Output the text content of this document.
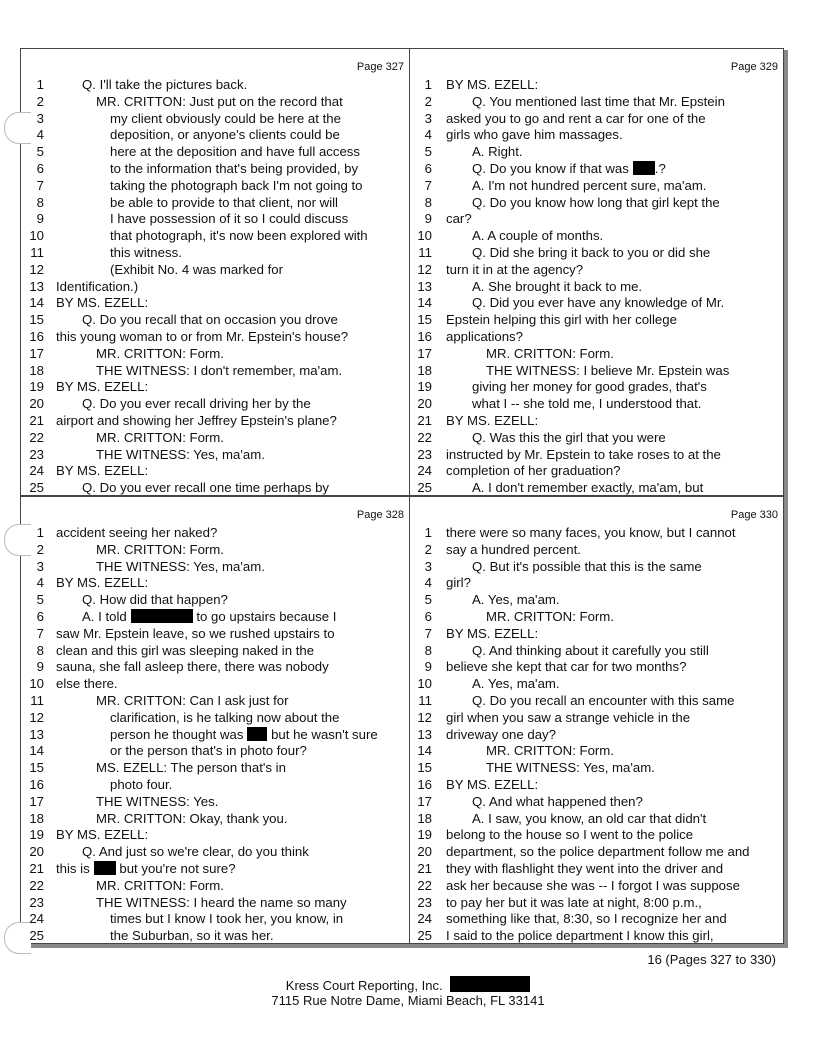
Page 327
1	Q. I'll take the pictures back.
2	MR. CRITTON: Just put on the record that
3	my client obviously could be here at the
4	deposition, or anyone's clients could be
5	here at the deposition and have full access
6	to the information that's being provided, by
7	taking the photograph back I'm not going to
8	be able to provide to that client, nor will
9	I have possession of it so I could discuss
10	that photograph, it's now been explored with
11	this witness.
12	(Exhibit No. 4 was marked for
13 Identification.)
14 BY MS. EZELL:
15	Q. Do you recall that on occasion you drove
16 this young woman to or from Mr. Epstein's house?
17	MR. CRITTON: Form.
18	THE WITNESS: I don't remember, ma'am.
19 BY MS. EZELL:
20	Q. Do you ever recall driving her by the
21 airport and showing her Jeffrey Epstein's plane?
22	MR. CRITTON: Form.
23	THE WITNESS: Yes, ma'am.
24 BY MS. EZELL:
25	Q. Do you ever recall one time perhaps by
Page 329
1 BY MS. EZELL:
2	Q. You mentioned last time that Mr. Epstein
3 asked you to go and rent a car for one of the
4 girls who gave him massages.
5	A. Right.
6	Q. Do you know if that was .?
7	A. I'm not hundred percent sure, ma'am.
8	Q. Do you know how long that girl kept the
9 car?
10	A. A couple of months.
11	Q. Did she bring it back to you or did she
12 turn it in at the agency?
13	A. She brought it back to me.
14	Q. Did you ever have any knowledge of Mr.
15 Epstein helping this girl with her college
16 applications?
17	MR. CRITTON: Form.
18	THE WITNESS: I believe Mr. Epstein was
19	giving her money for good grades, that's
20	what I -- she told me, I understood that.
21 BY MS. EZELL:
22	Q. Was this the girl that you were
23 instructed by Mr. Epstein to take roses to at the
24 completion of her graduation?
25	A. I don't remember exactly, ma'am, but
Page 328
1 accident seeing her naked?
2	MR. CRITTON: Form.
3	THE WITNESS: Yes, ma'am.
4 BY MS. EZELL:
5	Q. How did that happen?
6	A. I told	to go upstairs because I
7 saw Mr. Epstein leave, so we rushed upstairs to
8 clean and this girl was sleeping naked in the
9 sauna, she fall asleep there, there was nobody
10 else there.
11	MR. CRITTON: Can I ask just for
12	clarification, is he talking now about the
13	person he thought was but he wasn't sure
14	or the person that's in photo four?
15	MS. EZELL: The person that's in
16	photo four.
17	THE WITNESS: Yes.
18	MR. CRITTON: Okay, thank you.
19 BY MS. EZELL:
20	Q. And just so we're clear, do you think
21 this is but you're not sure?
22	MR. CRITTON: Form.
23	THE WITNESS: I heard the name so many
24	times but I know I took her, you know, in
25	the Suburban, so it was her.
Page 330
1 there were so many faces, you know, but I cannot
2 say a hundred percent.
3	Q. But it's possible that this is the same
4 girl?
5	A. Yes, ma'am.
6	MR. CRITTON: Form.
7 BY MS. EZELL:
8	Q. And thinking about it carefully you still
9 believe she kept that car for two months?
10	A. Yes, ma'am.
11	Q. Do you recall an encounter with this same
12 girl when you saw a strange vehicle in the
13 driveway one day?
14	MR. CRITTON: Form.
15	THE WITNESS: Yes, ma'am.
16 BY MS. EZELL:
17	Q. And what happened then?
18	A. I saw, you know, an old car that didn't
19 belong to the house so I went to the police
20 department, so the police department follow me and
21 they with flashlight they went into the driver and
22 ask her because she was -- I forgot I was suppose
23 to pay her but it was late at night, 8:00 p.m.,
24 something like that, 8:30, so I recognize her and
25 I said to the police department I know this girl,
16 (Pages 327 to 330)
Kress Court Reporting, Inc.
7115 Rue Notre Dame, Miami Beach, FL 33141
